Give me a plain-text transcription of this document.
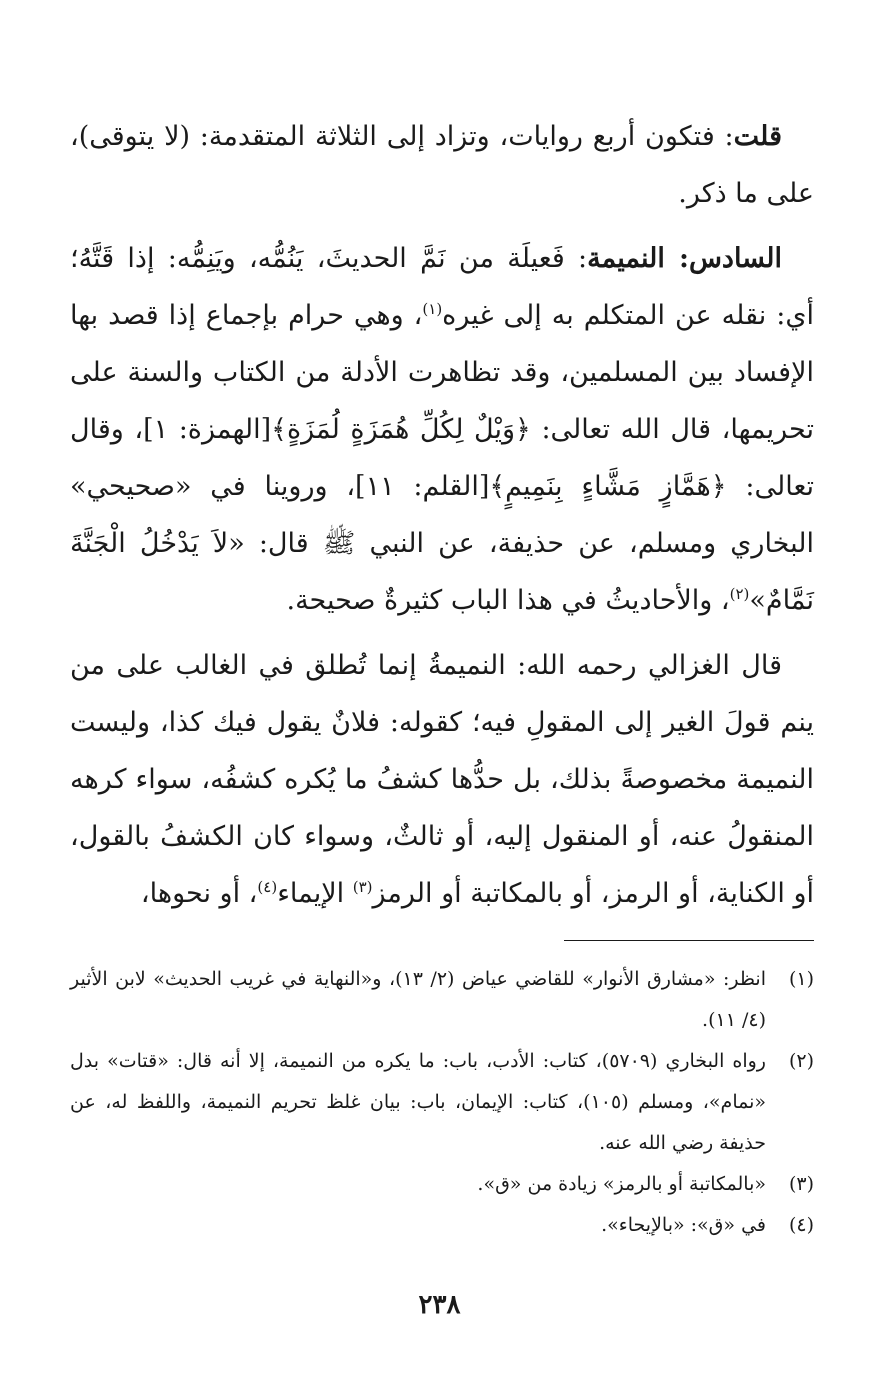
قلت: فتكون أربع روايات، وتزاد إلى الثلاثة المتقدمة: (لا يتوقى)، على ما ذكر.

السادس: النميمة: فَعيلَة من نَمَّ الحديثَ، يَنُمُّه، ويَنِمُّه: إذا قَتَّهُ؛ أي: نقله عن المتكلم به إلى غيره$^{(١)}$، وهي حرام بإجماع إذا قصد بها الإفساد بين المسلمين، وقد تظاهرت الأدلة من الكتاب والسنة على تحريمها، قال الله تعالى: ﴿وَيْلٌ لِكُلِّ هُمَزَةٍ لُمَزَةٍ﴾[الهمزة: ١]، وقال تعالى: ﴿هَمَّازٍ مَشَّاءٍ بِنَمِيمٍ﴾[القلم: ١١]، وروينا في «صحيحي» البخاري ومسلم، عن حذيفة، عن النبي ﷺ قال: «لاَ يَدْخُلُ الْجَنَّةَ نَمَّامٌ»$^{(٢)}$، والأحاديثُ في هذا الباب كثيرةٌ صحيحة.

قال الغزالي رحمه الله: النميمةُ إنما تُطلق في الغالب على من ينم قولَ الغير إلى المقولِ فيه؛ كقوله: فلانٌ يقول فيك كذا، وليست النميمة مخصوصةً بذلك، بل حدُّها كشفُ ما يُكره كشفُه، سواء كرهه المنقولُ عنه، أو المنقول إليه، أو ثالثٌ، وسواء كان الكشفُ بالقول، أو الكناية، أو الرمز، أو بالمكاتبة أو الرمز$^{(٣)}$ الإيماء$^{(٤)}$، أو نحوها،

(١)
انظر: «مشارق الأنوار» للقاضي عياض (٢/ ١٣)، و«النهاية في غريب الحديث» لابن الأثير (٤/ ١١).
(٢)
رواه البخاري (٥٧٠٩)، كتاب: الأدب، باب: ما يكره من النميمة، إلا أنه قال: «قتات» بدل «نمام»، ومسلم (١٠٥)، كتاب: الإيمان، باب: بيان غلظ تحريم النميمة، واللفظ له، عن حذيفة رضي الله عنه.
(٣)
«بالمكاتبة أو بالرمز» زيادة من «ق».
(٤)
في «ق»: «بالإيحاء».
٢٣٨
